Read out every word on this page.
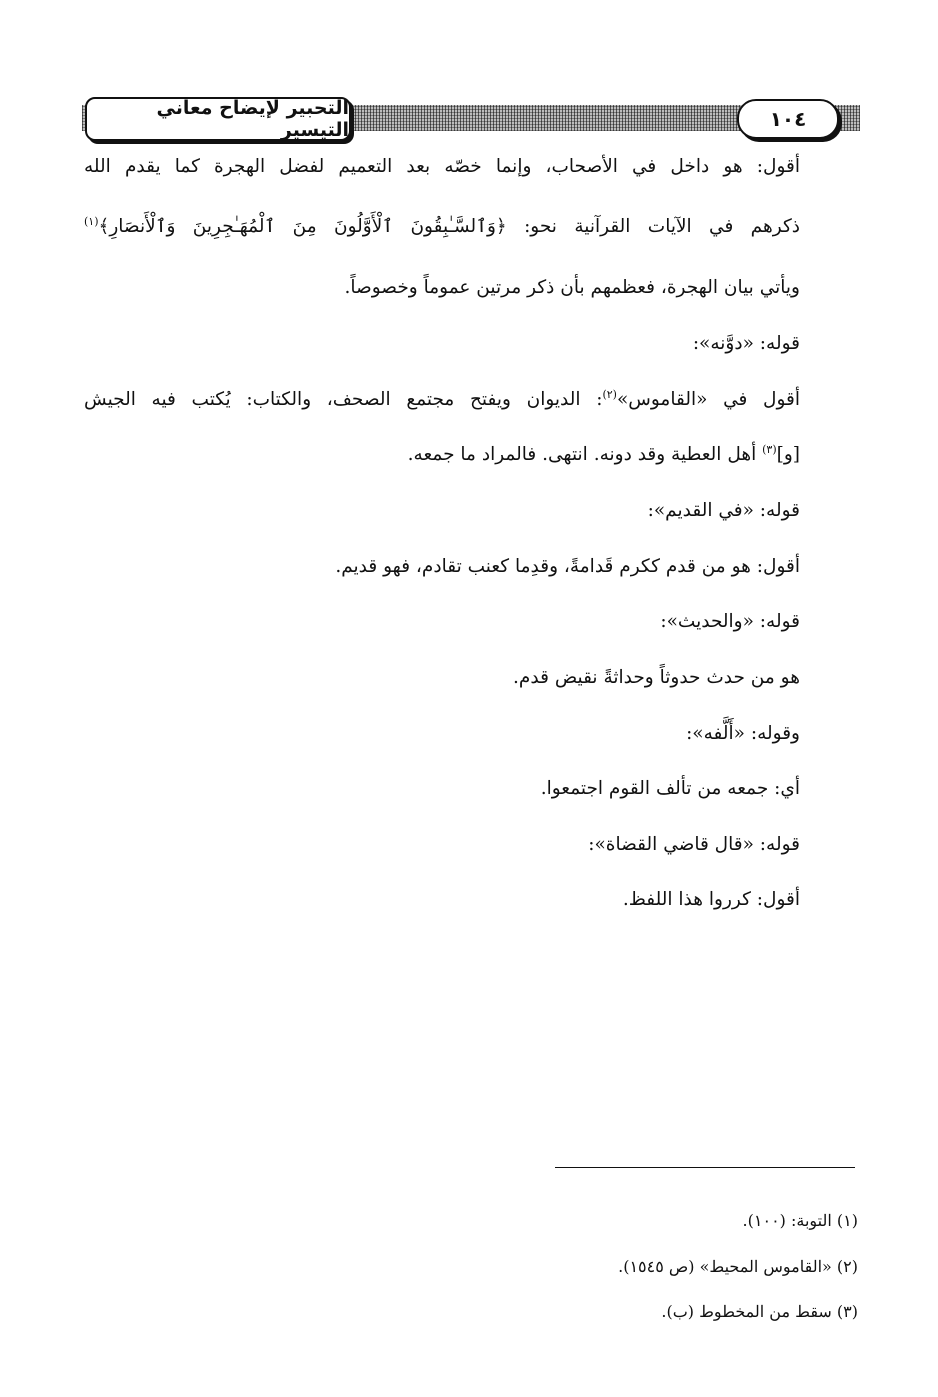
التحبير لإيضاح معاني التيسير	١٠٤
أقول: هو داخل في الأصحاب، وإنما خصّه بعد التعميم لفضل الهجرة كما يقدم الله
ذكرهم في الآيات القرآنية نحو: ﴿وَٱلسَّـٰبِقُونَ ٱلْأَوَّلُونَ مِنَ ٱلْمُهَـٰجِرِينَ وَٱلْأَنصَارِ﴾$^{(١)}$
ويأتي بيان الهجرة، فعظمهم بأن ذكر مرتين عموماً وخصوصاً.
قوله: «دوَّنه»:
أقول في «القاموس»$^{(٢)}$: الديوان ويفتح مجتمع الصحف، والكتاب: يُكتب فيه الجيش
[و]$^{(٣)}$ أهل العطية وقد دونه. انتهى. فالمراد ما جمعه.
قوله: «في القديم»:
أقول: هو من قدم ككرم قَدامةً، وقدِما كعنب تقادم، فهو قديم.
قوله: «والحديث»:
هو من حدث حدوثاً وحداثةً نقيض قدم.
وقوله: «أَلَّفه»:
أي: جمعه من تألف القوم اجتمعوا.
قوله: «قال قاضي القضاة»:
أقول: كرروا هذا اللفظ.
(١) التوبة: (١٠٠).
(٢) «القاموس المحيط» (ص ١٥٤٥).
(٣) سقط من المخطوط (ب).
